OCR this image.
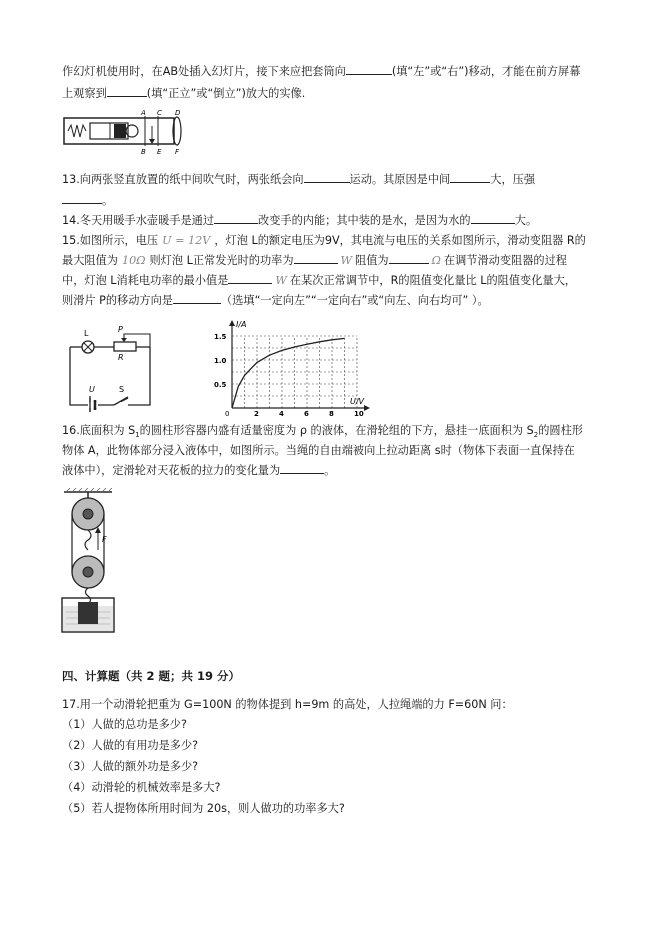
作幻灯机使用时，在AB处插入幻灯片，接下来应把套筒向	(填“左”或“右”)移动，才能在前方屏幕
上观察到	(填“正立”或“倒立”)放大的实像.
A C D
B E F
13.向两张竖直放置的纸中间吹气时，两张纸会向	运动。其原因是中间	大，压强
。
14.冬天用暖手水壶暖手是通过	改变手的内能；其中装的是水，是因为水的	大。
15.如图所示，电压 U = 12V ，灯泡 L的额定电压为9V，其电流与电压的关系如图所示，滑动变阻器 R的
最大阻值为 10Ω 则灯泡 L正常发光时的功率为	W 阻值为	Ω 在调节滑动变阻器的过程
中，灯泡 L消耗电功率的最小值是	W 在某次正常调节中，R的阻值变化量比 L的阻值变化量大，
则滑片 P的移动方向是	（选填“一定向左”“一定向右”或“向左、向右均可” ）。
L	P
R
U	S
I/A
U/V
0	2	4	6	8	10
0.5
1.0
1.5
16.底面积为 $S_1$的圆柱形容器内盛有适量密度为 ρ 的液体，在滑轮组的下方，悬挂一底面积为 $S_2$的圆柱形
物体 A，此物体部分浸入液体中，如图所示。当绳的自由端被向上拉动距离 s时（物体下表面一直保持在
液体中），定滑轮对天花板的拉力的变化量为	。
F
四、计算题（共 2 题；共 19 分）
17.用一个动滑轮把重为 G=100N 的物体提到 h=9m 的高处，人拉绳端的力 F=60N 问：
（1）人做的总功是多少?
（2）人做的有用功是多少?
（3）人做的额外功是多少?
（4）动滑轮的机械效率是多大?
（5）若人提物体所用时间为 20s，则人做功的功率多大?
